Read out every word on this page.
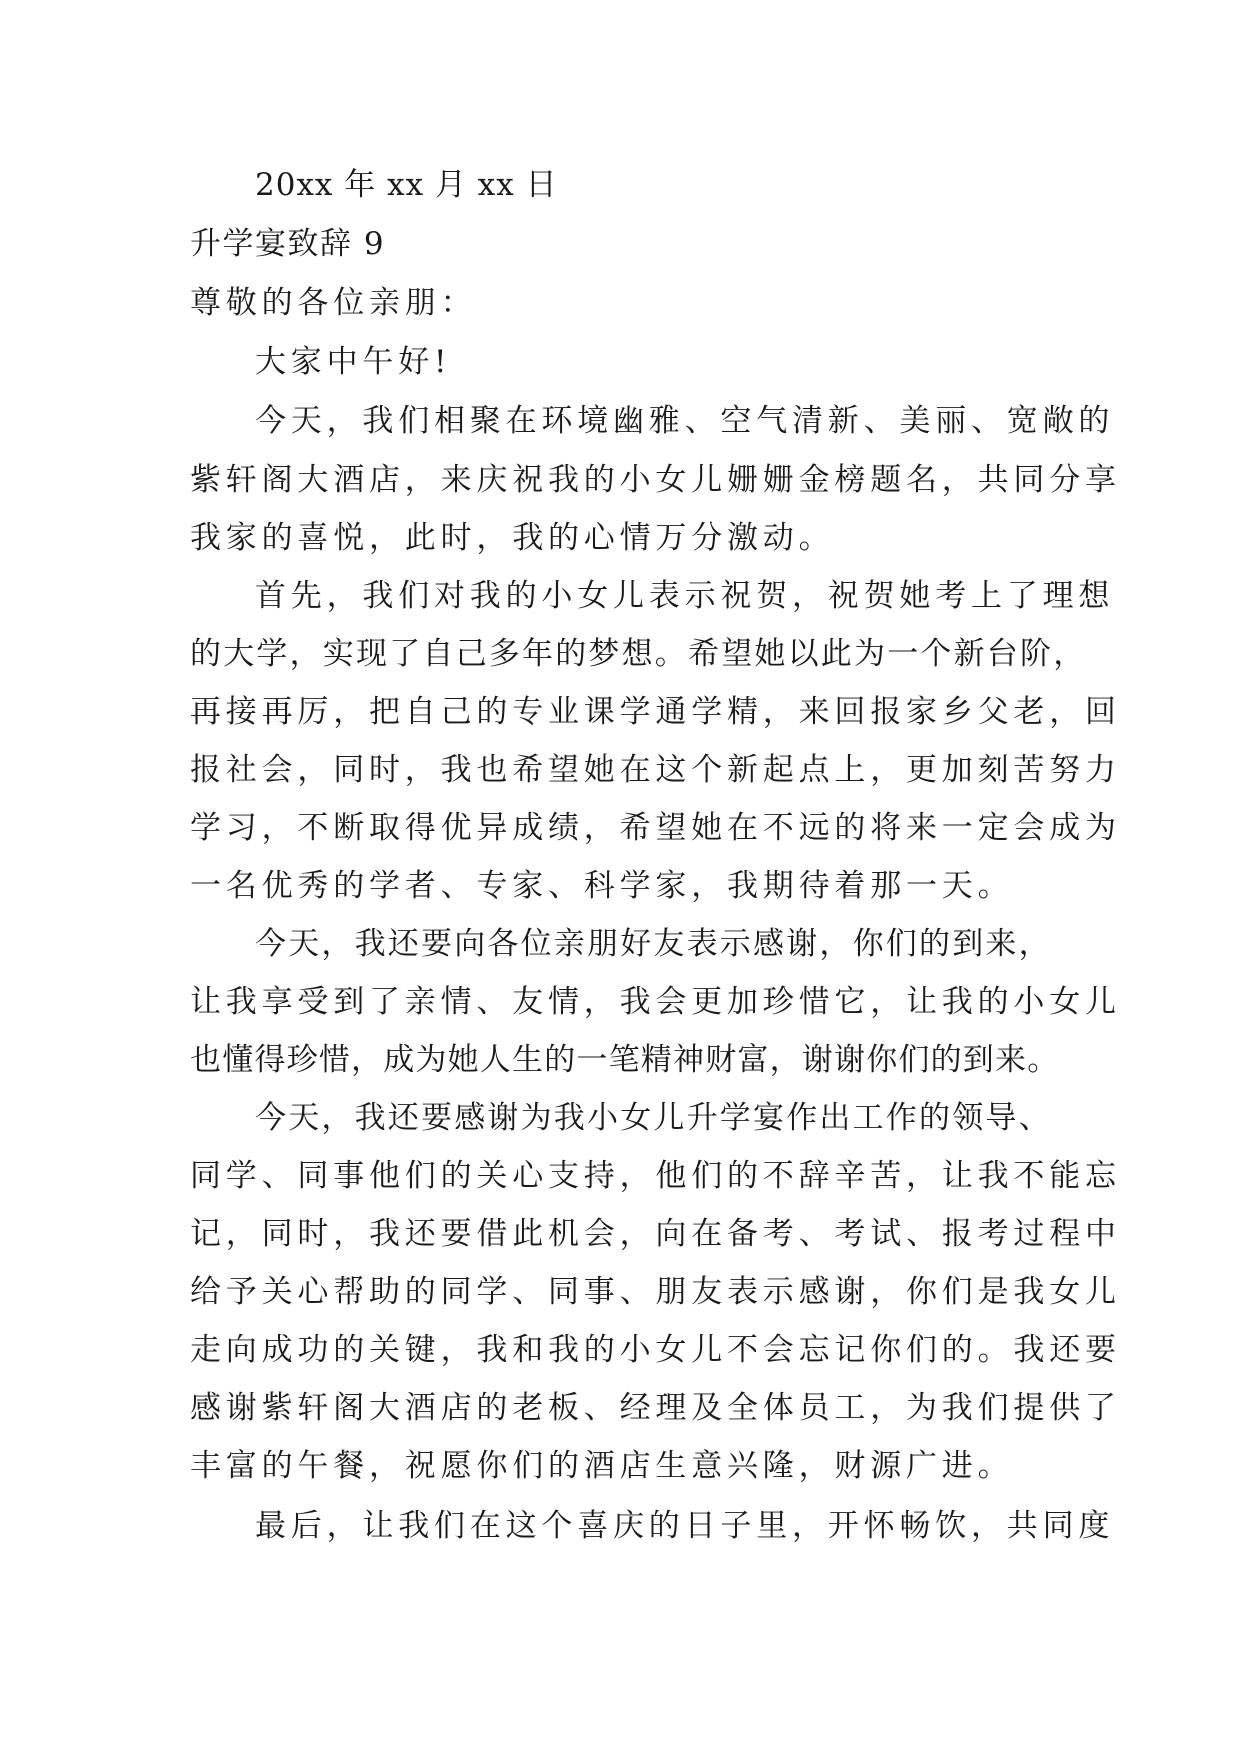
20xx 年 xx 月 xx 日

升学宴致辞 9

尊敬的各位亲朋：

大家中午好!

今天，我们相聚在环境幽雅、空气清新、美丽、宽敞的

紫轩阁大酒店，来庆祝我的小女儿姗姗金榜题名，共同分享

我家的喜悦，此时，我的心情万分激动。

首先，我们对我的小女儿表示祝贺，祝贺她考上了理想

的大学，实现了自己多年的梦想。希望她以此为一个新台阶，

再接再厉，把自己的专业课学通学精，来回报家乡父老，回

报社会，同时，我也希望她在这个新起点上，更加刻苦努力

学习，不断取得优异成绩，希望她在不远的将来一定会成为

一名优秀的学者、专家、科学家，我期待着那一天。

今天，我还要向各位亲朋好友表示感谢，你们的到来，

让我享受到了亲情、友情，我会更加珍惜它，让我的小女儿

也懂得珍惜，成为她人生的一笔精神财富，谢谢你们的到来。

今天，我还要感谢为我小女儿升学宴作出工作的领导、

同学、同事他们的关心支持，他们的不辞辛苦，让我不能忘

记，同时，我还要借此机会，向在备考、考试、报考过程中

给予关心帮助的同学、同事、朋友表示感谢，你们是我女儿

走向成功的关键，我和我的小女儿不会忘记你们的。我还要

感谢紫轩阁大酒店的老板、经理及全体员工，为我们提供了

丰富的午餐，祝愿你们的酒店生意兴隆，财源广进。

最后，让我们在这个喜庆的日子里，开怀畅饮，共同度
